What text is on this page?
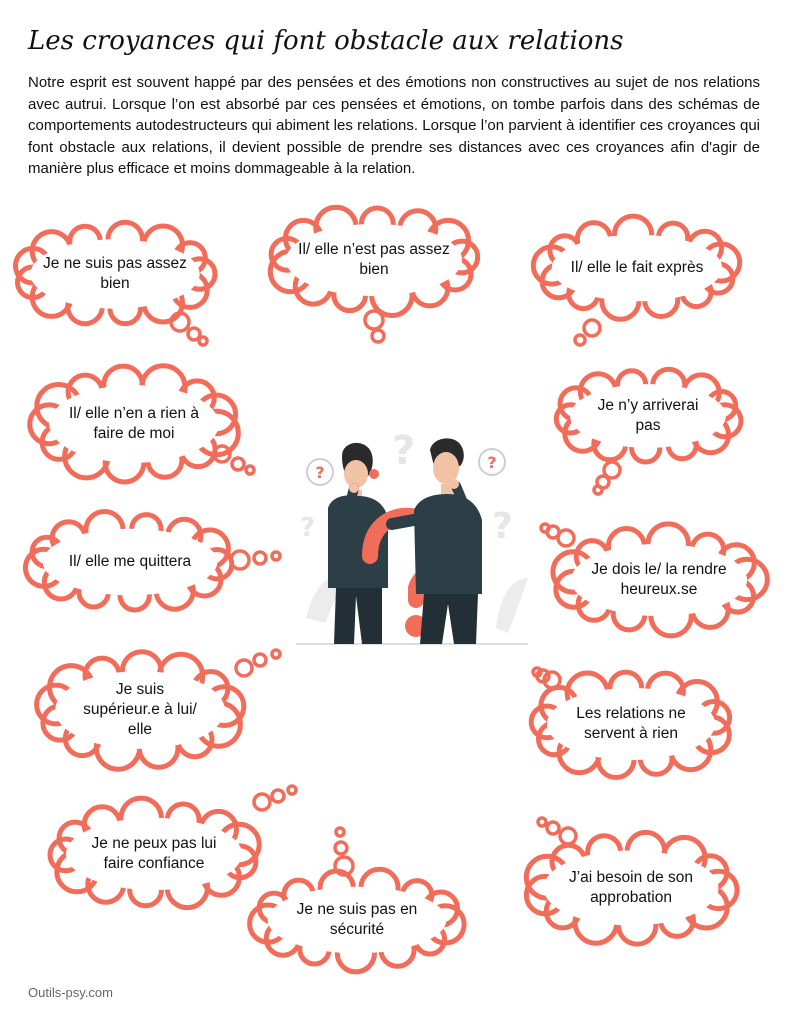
Les croyances qui font obstacle aux relations

Notre esprit est souvent happé par des pensées et des émotions non constructives au sujet de nos relations avec autrui. Lorsque l’on est absorbé par ces pensées et émotions, on tombe parfois dans des schémas de comportements autodestructeurs qui abiment les relations. Lorsque l’on parvient à identifier ces croyances qui font obstacle aux relations, il devient possible de prendre ses distances avec ces croyances afin d'agir de manière plus efficace et moins dommageable à la relation.

Je ne suis pas assez bien
Il/ elle n’est pas assez bien	Il/ elle le fait exprès
Il/ elle n’en a rien à faire de moi
Je n’y arriverai pas
Il/ elle me quittera	Je dois le/ la rendre heureux.se
Je suis supérieur.e à lui/ elle
Les relations ne servent à rien
Je ne peux pas lui faire confiance
Je ne suis pas en sécurité
J’ai besoin de son approbation
?
?
?
?
?
Outils-psy.com
